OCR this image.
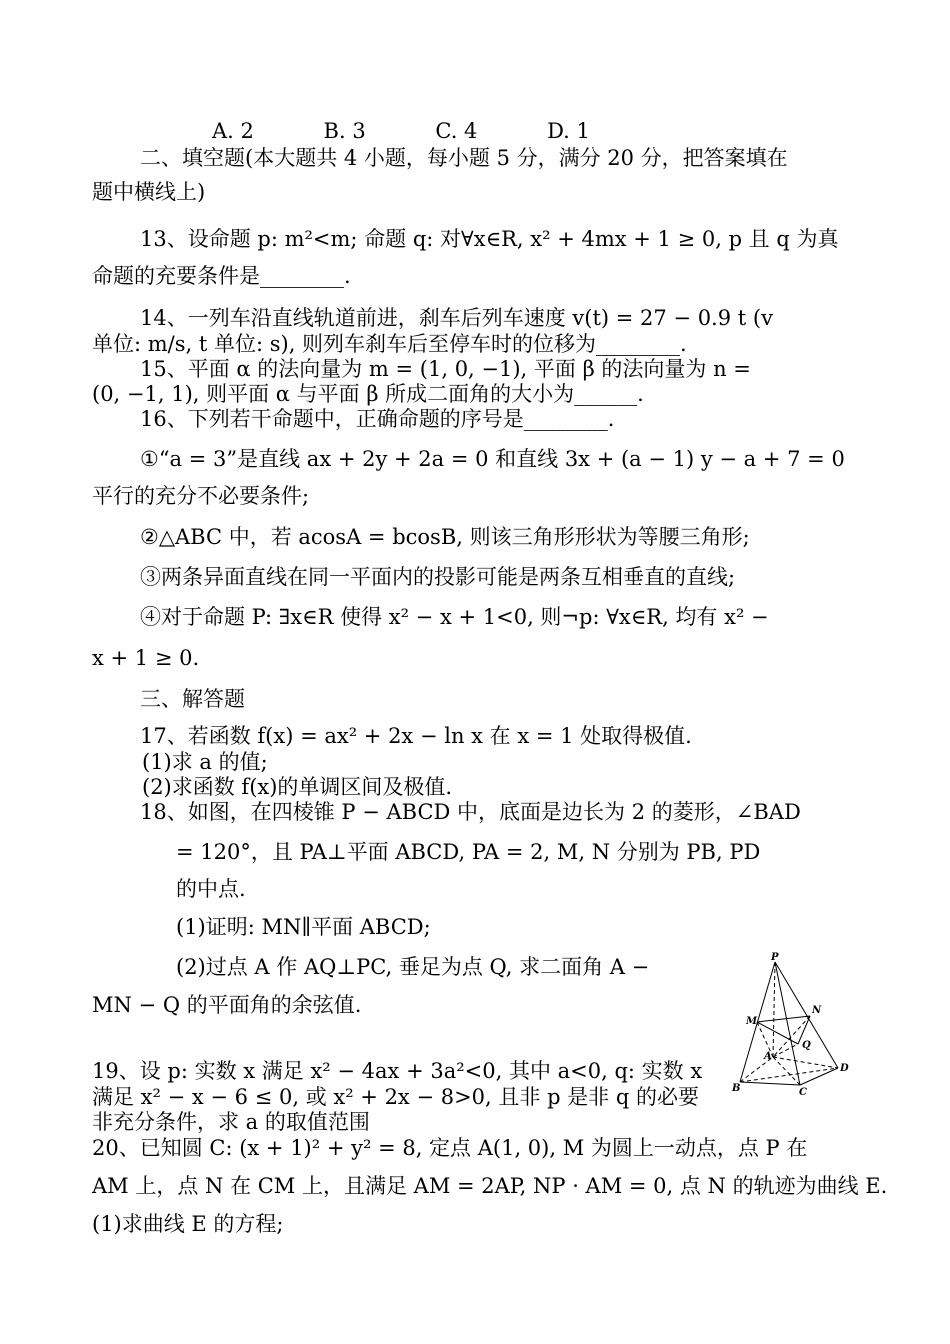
A. 2　　　 B. 3　　　 C. 4　　　 D. 1
二、填空题(本大题共 4 小题，每小题 5 分，满分 20 分，把答案填在
题中横线上)
13、设命题 p: m²<m; 命题 q: 对∀x∈R, x² + 4mx + 1 ≥ 0, p 且 q 为真
命题的充要条件是________.
14、一列车沿直线轨道前进，刹车后列车速度 v(t) = 27 − 0.9 t (v
单位: m/s, t 单位: s), 则列车刹车后至停车时的位移为________.
15、平面 α 的法向量为 m = (1, 0, −1), 平面 β 的法向量为 n =
(0, −1, 1), 则平面 α 与平面 β 所成二面角的大小为______.
16、下列若干命题中，正确命题的序号是________.
①“a = 3”是直线 ax + 2y + 2a = 0 和直线 3x + (a − 1) y − a + 7 = 0
平行的充分不必要条件;
②△ABC 中，若 acosA = bcosB, 则该三角形形状为等腰三角形;
③两条异面直线在同一平面内的投影可能是两条互相垂直的直线;
④对于命题 P: ∃x∈R 使得 x² − x + 1<0, 则¬p: ∀x∈R, 均有 x² −
x + 1 ≥ 0.
三、解答题
17、若函数 f(x) = ax² + 2x − ln x 在 x = 1 处取得极值.
(1)求 a 的值;
(2)求函数 f(x)的单调区间及极值.
18、如图，在四棱锥 P − ABCD 中，底面是边长为 2 的菱形，∠BAD
= 120°，且 PA⊥平面 ABCD, PA = 2, M, N 分别为 PB, PD
的中点.
(1)证明: MN∥平面 ABCD;
(2)过点 A 作 AQ⊥PC, 垂足为点 Q, 求二面角 A −
MN − Q 的平面角的余弦值.
P
N
M
Q
A
D
B	C
19、设 p: 实数 x 满足 x² − 4ax + 3a²<0, 其中 a<0, q: 实数 x
满足 x² − x − 6 ≤ 0, 或 x² + 2x − 8>0, 且非 p 是非 q 的必要
非充分条件，求 a 的取值范围
20、已知圆 C: (x + 1)² + y² = 8, 定点 A(1, 0), M 为圆上一动点，点 P 在
AM 上，点 N 在 CM 上，且满足 AM = 2AP, NP · AM = 0, 点 N 的轨迹为曲线 E.
(1)求曲线 E 的方程;
